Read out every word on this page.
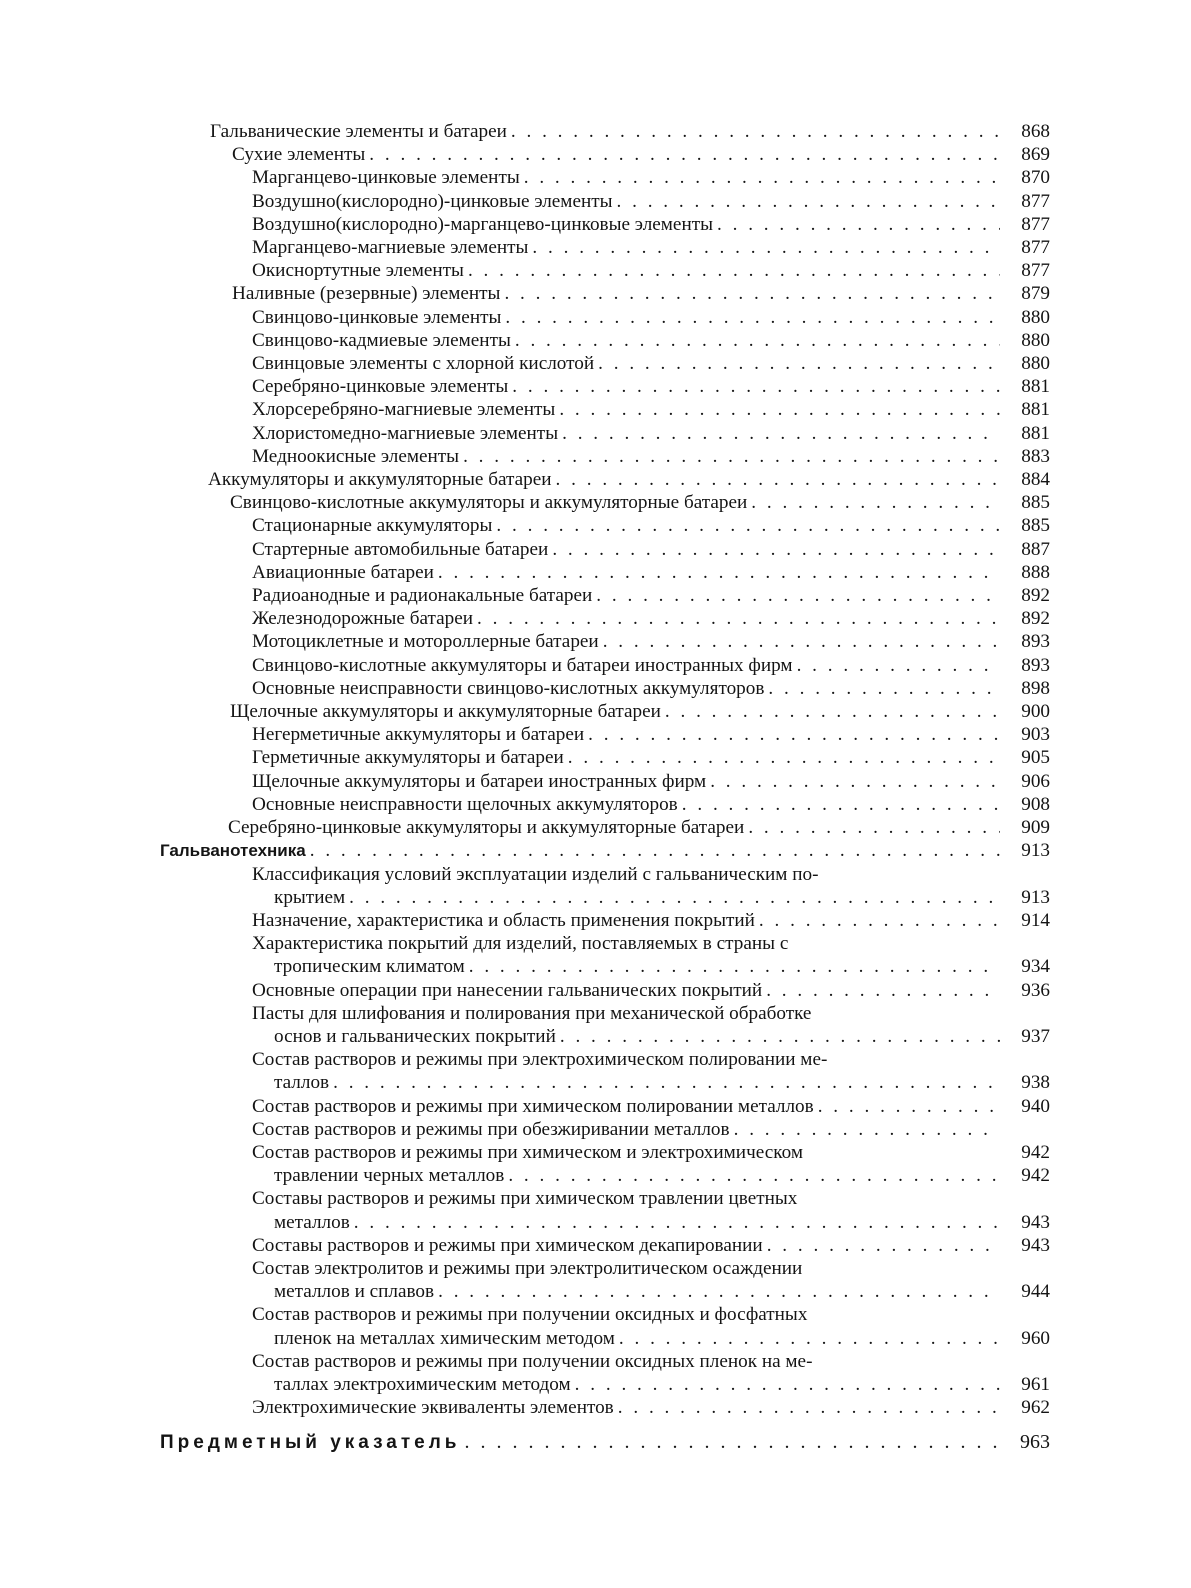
Гальванические элементы и батареи . . .	868
Сухие элементы . . .	869
Марганцево-цинковые элементы . . .	870
Воздушно(кислородно)-цинковые элементы . . .	877
Воздушно(кислородно)-марганцево-цинковые элементы . . .	877
Марганцево-магниевые элементы . . .	877
Окиснортутные элементы . . .	877
Наливные (резервные) элементы . . .	879
Свинцово-цинковые элементы . . .	880
Свинцово-кадмиевые элементы . . .	880
Свинцовые элементы с хлорной кислотой . . .	880
Серебряно-цинковые элементы . . .	881
Хлорсеребряно-магниевые элементы . . .	881
Хлористомедно-магниевые элементы . . .	881
Медноокисные элементы . . .	883
Аккумуляторы и аккумуляторные батареи . . .	884
Свинцово-кислотные аккумуляторы и аккумуляторные батареи . . .	885
Стационарные аккумуляторы . . .	885
Стартерные автомобильные батареи . . .	887
Авиационные батареи . . .	888
Радиоанодные и радионакальные батареи . . .	892
Железнодорожные батареи . . .	892
Мотоциклетные и мотороллерные батареи . . .	893
Свинцово-кислотные аккумуляторы и батареи иностранных фирм . . .	893
Основные неисправности свинцово-кислотных аккумуляторов . . .	898
Щелочные аккумуляторы и аккумуляторные батареи . . .	900
Негерметичные аккумуляторы и батареи . . .	903
Герметичные аккумуляторы и батареи . . .	905
Щелочные аккумуляторы и батареи иностранных фирм . . .	906
Основные неисправности щелочных аккумуляторов . . .	908
Серебряно-цинковые аккумуляторы и аккумуляторные батареи . . .	909
Гальванотехника . . .	913
Классификация условий эксплуатации изделий с гальваническим по-
крытием . . .	913
Назначение, характеристика и область применения покрытий . . .	914
Характеристика покрытий для изделий, поставляемых в страны с
тропическим климатом . . .	934
Основные операции при нанесении гальванических покрытий . . .	936
Пасты для шлифования и полирования при механической обработке
основ и гальванических покрытий . . .	937
Состав растворов и режимы при электрохимическом полировании ме-
таллов . . .	938
Состав растворов и режимы при химическом полировании металлов . . .	940
Состав растворов и режимы при обезжиривании металлов
. . .
Состав растворов и режимы при химическом и электрохимическом	942
травлении черных металлов . . .	942
Составы растворов и режимы при химическом травлении цветных
металлов . . .	943
Составы растворов и режимы при химическом декапировании . . .	943
Состав электролитов и режимы при электролитическом осаждении
металлов и сплавов . . .	944
Состав растворов и режимы при получении оксидных и фосфатных
пленок на металлах химическим методом . . .	960
Состав растворов и режимы при получении оксидных пленок на ме-
таллах электрохимическим методом . . .	961
Электрохимические эквиваленты элементов . . .	962
Предметный указатель . . .	963
